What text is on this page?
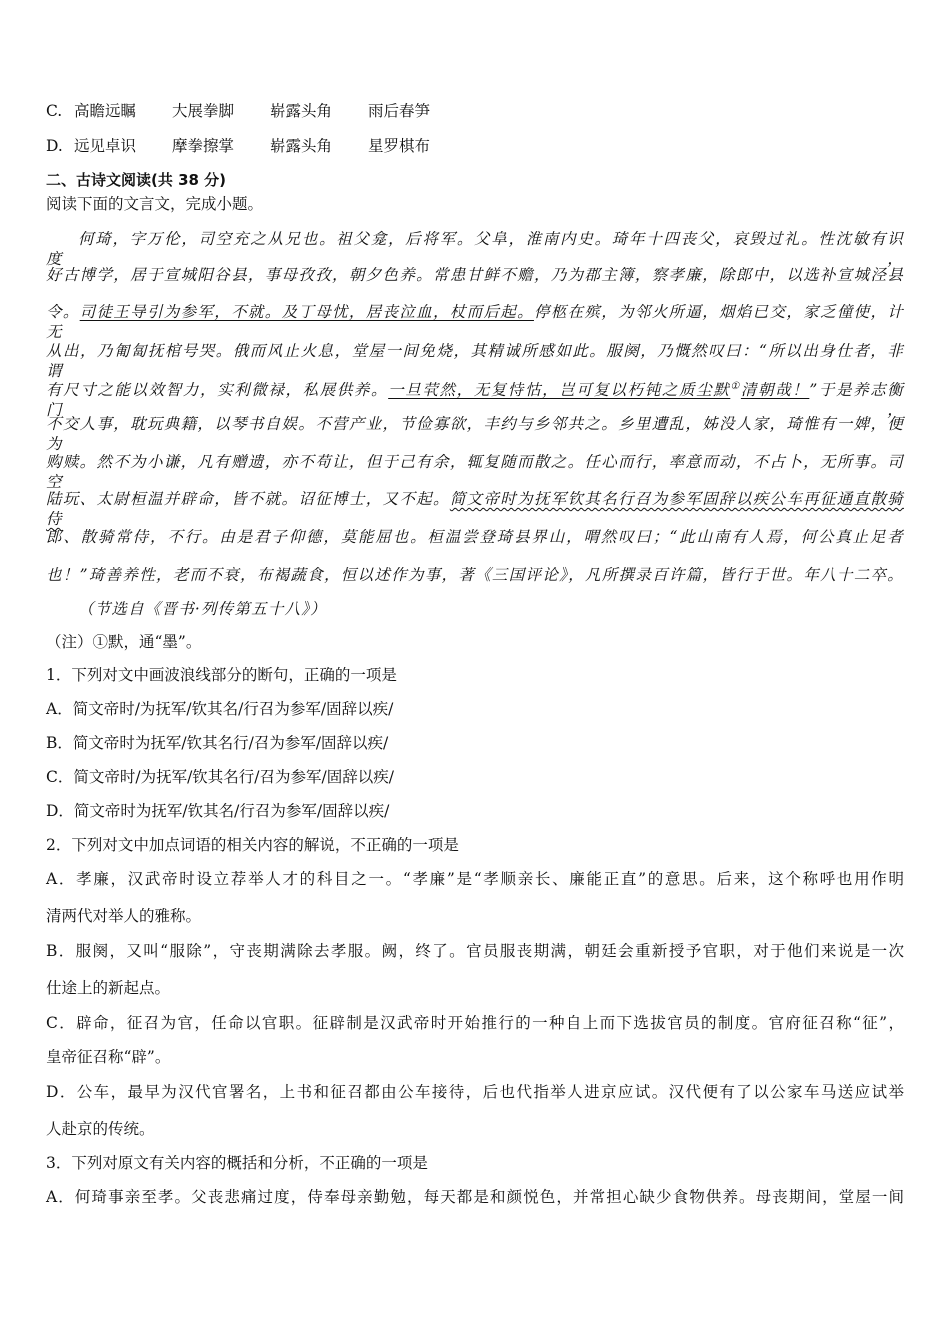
C. 高瞻远瞩 大展拳脚 崭露头角 雨后春笋
D. 远见卓识 摩拳擦掌 崭露头角 星罗棋布
二、古诗文阅读(共 38 分)
阅读下面的文言文，完成小题。
何琦，字万伦，司空充之从兄也。祖父龛，后将军。父阜，淮南内史。琦年十四丧父，哀毁过礼。性沈敏有识度，
好古博学，居于宣城阳谷县，事母孜孜，朝夕色养。常患甘鲜不赡，乃为郡主簿，察孝廉，除郎中，以选补宣城泾县
令。司徒王导引为参军，不就。及丁母忧，居丧泣血，杖而后起。停柩在殡，为邻火所逼，烟焰已交，家乏僮使，计无
从出，乃匍匐抚棺号哭。俄而风止火息，堂屋一间免烧，其精诚所感如此。服阕，乃慨然叹曰：“所以出身仕者，非谓
有尺寸之能以效智力，实利微禄，私展供养。一旦茕然，无复恃怙，岂可复以朽钝之质尘默①清朝哉！”于是养志衡门，
不交人事，耽玩典籍，以琴书自娱。不营产业，节俭寡欲，丰约与乡邻共之。乡里遭乱，姊没人家，琦惟有一婢，便为
购赎。然不为小谦，凡有赠遗，亦不苟让，但于己有余，辄复随而散之。任心而行，率意而动，不占卜，无所事。司空
陆玩、太尉桓温并辟命，皆不就。诏征博士，又不起。简文帝时为抚军钦其名行召为参军固辞以疾公车再征通直散骑侍
郎、散骑常侍，不行。由是君子仰德，莫能屈也。桓温尝登琦县界山，喟然叹曰；“此山南有人焉，何公真止足者
也！”琦善养性，老而不衰，布褐蔬食，恒以述作为事，著《三国评论》，凡所撰录百许篇，皆行于世。年八十二卒。
（节选自《晋书·列传第五十八》）
（注）①默，通“墨”。
1．下列对文中画波浪线部分的断句，正确的一项是
A．简文帝时/为抚军/钦其名/行召为参军/固辞以疾/
B．简文帝时为抚军/钦其名行/召为参军/固辞以疾/
C．简文帝时/为抚军/钦其名行/召为参军/固辞以疾/
D．简文帝时为抚军/钦其名/行召为参军/固辞以疾/
2．下列对文中加点词语的相关内容的解说，不正确的一项是
A．孝廉，汉武帝时设立荐举人才的科目之一。“孝廉”是“孝顺亲长、廉能正直”的意思。后来，这个称呼也用作明
清两代对举人的雅称。
B．服阕，又叫“服除”，守丧期满除去孝服。阙，终了。官员服丧期满，朝廷会重新授予官职，对于他们来说是一次
仕途上的新起点。
C．辟命，征召为官，任命以官职。征辟制是汉武帝时开始推行的一种自上而下选拔官员的制度。官府征召称“征”，
皇帝征召称“辟”。
D．公车，最早为汉代官署名，上书和征召都由公车接待，后也代指举人进京应试。汉代便有了以公家车马送应试举
人赴京的传统。
3．下列对原文有关内容的概括和分析，不正确的一项是
A．何琦事亲至孝。父丧悲痛过度，侍奉母亲勤勉，每天都是和颜悦色，并常担心缺少食物供养。母丧期间，堂屋一间
